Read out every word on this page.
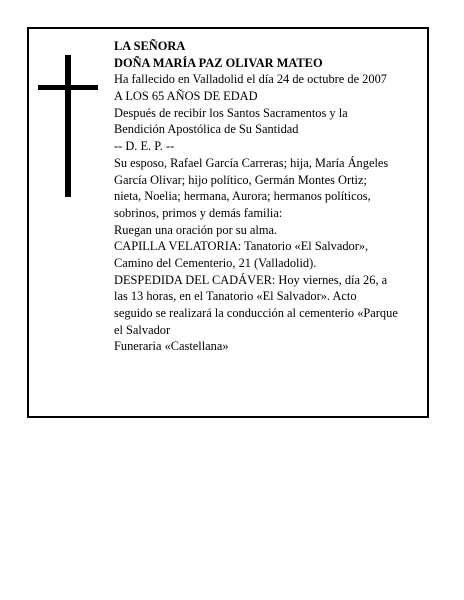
LA SEÑORA
DOÑA MARÍA PAZ OLIVAR MATEO
Ha fallecido en Valladolid el día 24 de octubre de 2007
A LOS 65 AÑOS DE EDAD
Después de recibir los Santos Sacramentos y la
Bendición Apostólica de Su Santidad
-- D. E. P. --
Su esposo, Rafael García Carreras; hija, María Ángeles
García Olivar; hijo político, Germán Montes Ortiz;
nieta, Noelia; hermana, Aurora; hermanos políticos,
sobrinos, primos y demás familia:
Ruegan una oración por su alma.
CAPILLA VELATORIA: Tanatorio «El Salvador»,
Camino del Cementerio, 21 (Valladolid).
DESPEDIDA DEL CADÁVER: Hoy viernes, día 26, a
las 13 horas, en el Tanatorio «El Salvador». Acto
seguido se realizará la conducción al cementerio «Parque
el Salvador
Funeraria «Castellana»
